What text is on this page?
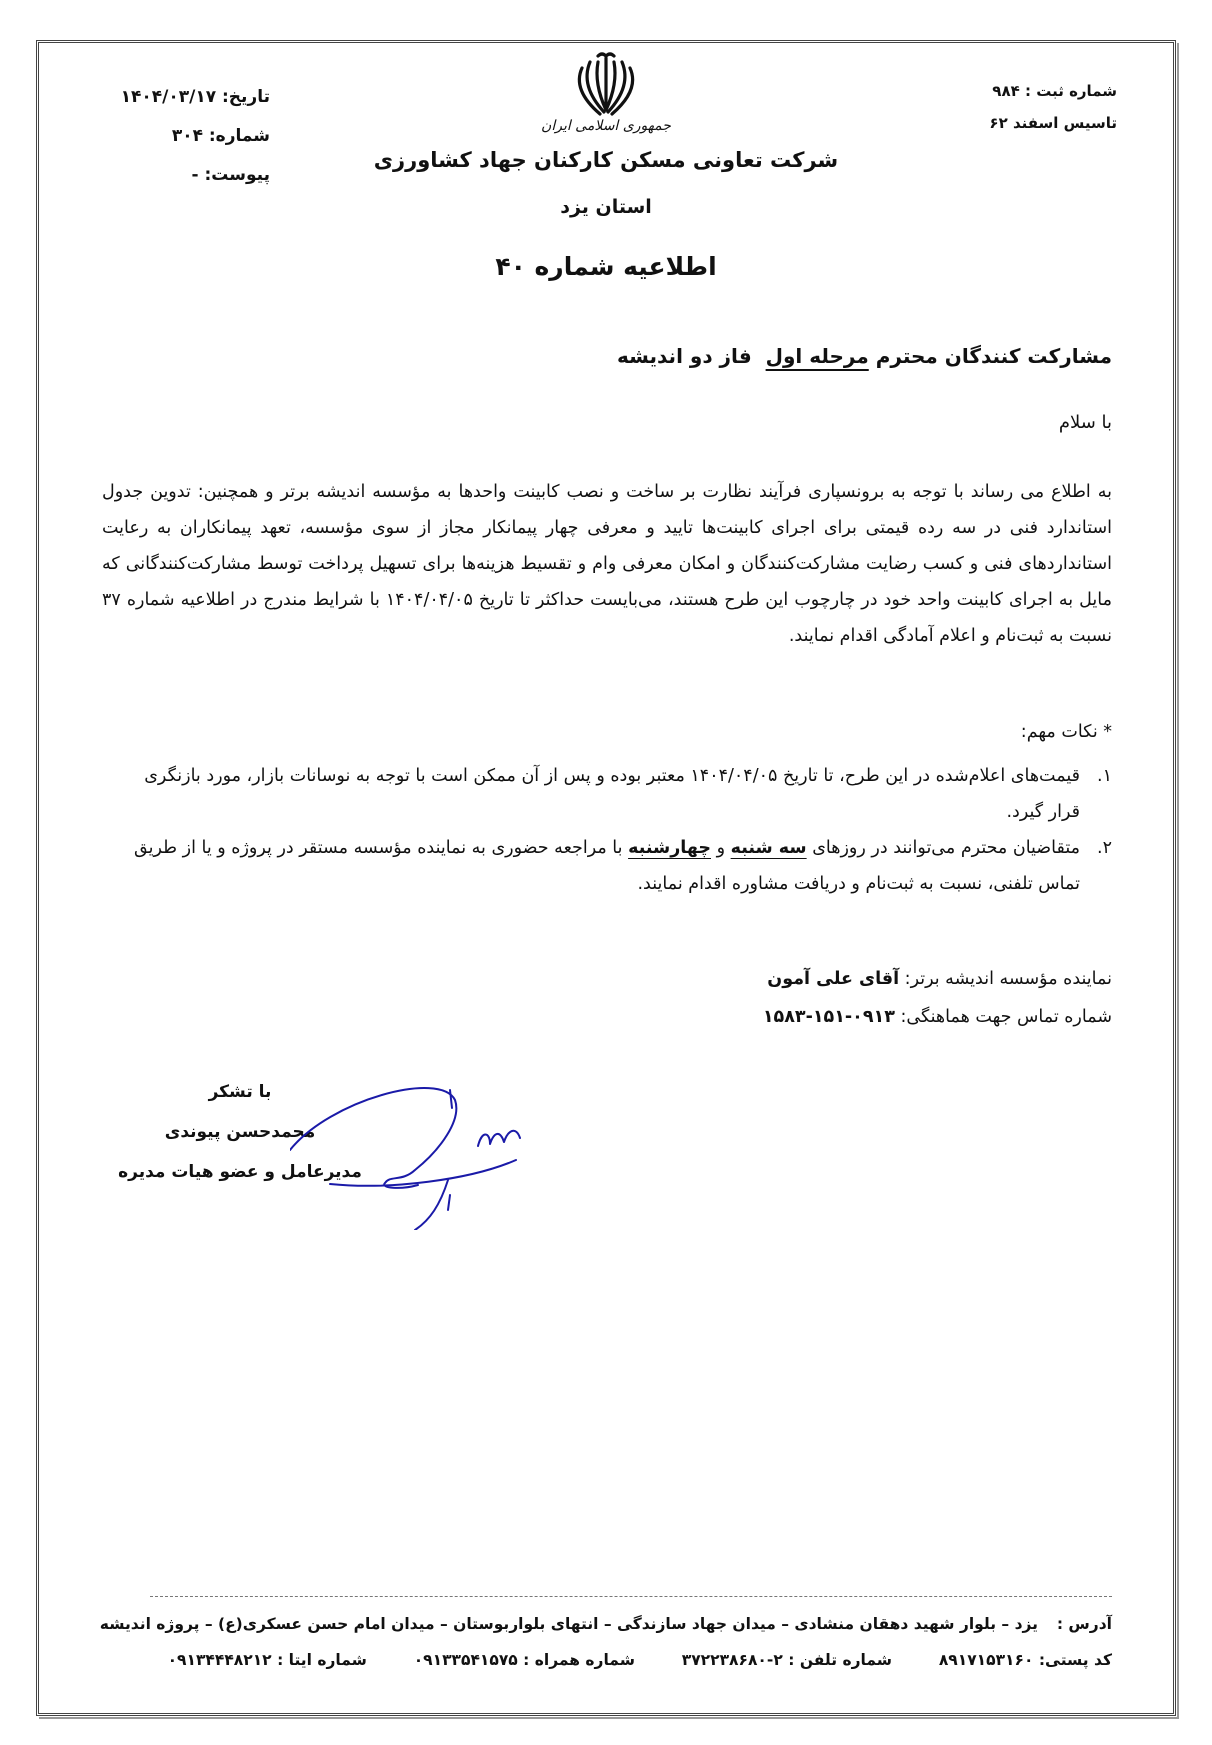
شماره ثبت : ۹۸۴
تاسیس اسفند ۶۲
جمهوری اسلامی ایران
شرکت تعاونی مسکن کارکنان جهاد کشاورزی
استان یزد
تاریخ: ۱۴۰۴/۰۳/۱۷
شماره: ۳۰۴
پیوست: -
اطلاعیه شماره ۴۰
مشارکت کنندگان محترم مرحله اول  فاز دو اندیشه
با سلام
به اطلاع می رساند با توجه به برونسپاری فرآیند نظارت بر ساخت و نصب کابینت واحدها به مؤسسه اندیشه برتر و همچنین: تدوین جدول استاندارد فنی در سه رده قیمتی برای اجرای کابینت‌ها تایید و معرفی چهار پیمانکار مجاز از سوی مؤسسه، تعهد پیمانکاران به رعایت استانداردهای فنی و کسب رضایت مشارکت‌کنندگان و امکان معرفی وام و تقسیط هزینه‌ها برای تسهیل پرداخت توسط مشارکت‌کنندگانی که مایل به اجرای کابینت واحد خود در چارچوب این طرح هستند، می‌بایست حداکثر تا تاریخ ۱۴۰۴/۰۴/۰۵ با شرایط مندرج در اطلاعیه شماره ۳۷ نسبت به ثبت‌نام و اعلام آمادگی اقدام نمایند.
* نکات مهم:
۱.
قیمت‌های اعلام‌شده در این طرح، تا تاریخ ۱۴۰۴/۰۴/۰۵ معتبر بوده و پس از آن ممکن است با توجه به نوسانات بازار، مورد بازنگری قرار گیرد.
۲.
متقاضیان محترم می‌توانند در روزهای سه شنبه و چهارشنبه با مراجعه حضوری به نماینده مؤسسه مستقر در پروژه و یا از طریق تماس تلفنی، نسبت به ثبت‌نام و دریافت مشاوره اقدام نمایند.
نماینده مؤسسه اندیشه برتر: آقای علی آمون
شماره تماس جهت هماهنگی: ۰۹۱۳-۱۵۱-۱۵۸۳
با تشکر
محمدحسن پیوندی
مدیرعامل و عضو هیات مدیره
آدرس :  یزد – بلوار شهید دهقان منشادی – میدان جهاد سازندگی – انتهای بلواربوستان – میدان امام حسن عسکری(ع) – پروژه اندیشه
کد پستی: ۸۹۱۷۱۵۳۱۶۰  شماره تلفن : ۲-۳۷۲۲۳۸۶۸۰  شماره همراه : ۰۹۱۳۳۵۴۱۵۷۵  شماره ایتا : ۰۹۱۳۴۴۴۸۲۱۲
